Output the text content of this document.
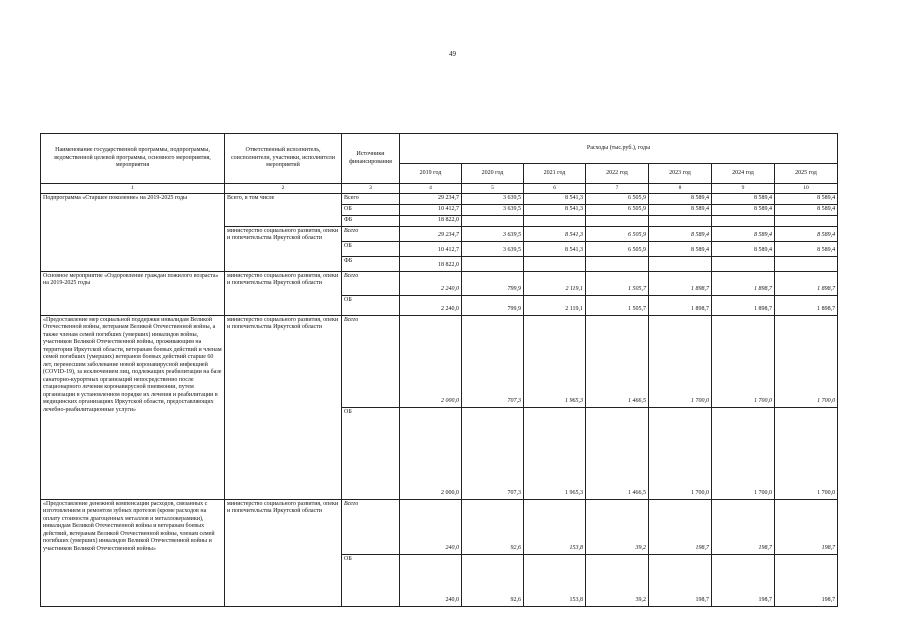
49
Наименование государственной программы, подпрограммы, ведомственной целевой программы, основного мероприятия, мероприятия	Ответственный исполнитель, соисполнители, участники, исполнители мероприятий	Источники финансирования	Расходы (тыс.руб.), годы						
			2019 год	2020 год	2021 год	2022 год	2023 год	2024 год	2025 год
1	2	3	4	5	6	7	8	9	10
Подпрограмма «Старшее поколение» на 2019-2025 годы	Всего, в том числе	Всего	29 234,7	3 639,5	8 541,3	6 505,9	8 589,4	8 589,4	8 589,4
		ОБ	10 412,7	3 639,5	8 541,3	6 505,9	8 589,4	8 589,4	8 589,4
		ФБ	18 822,0						
	министерство социального развития, опеки и попечительства Иркутской области	Всего	29 234,7	3 639,5	8 541,3	6 505,9	8 589,4	8 589,4	8 589,4
		ОБ	10 412,7	3 639,5	8 541,3	6 505,9	8 589,4	8 589,4	8 589,4
		ФБ	18 822,0						
Основное мероприятие «Оздоровление граждан пожилого возраста» на 2019-2025 годы	министерство социального развития, опеки и попечительства Иркутской области	Всего	2 240,0	799,9	2 119,1	1 505,7	1 898,7	1 898,7	1 898,7
		ОБ	2 240,0	799,9	2 119,1	1 505,7	1 898,7	1 898,7	1 898,7
«Предоставление мер социальной поддержки инвалидам Великой Отечественной войны, ветеранам Великой Отечественной войны, а также членам семей погибших (умерших) инвалидов войны, участников Великой Отечественной войны, проживающим на территории Иркутской области, ветеранам боевых действий и членам семей погибших (умерших) ветеранов боевых действий старше 60 лет, перенесшим заболевание новой коронавирусной инфекцией (COVID-19), за исключением лиц, подлежащих реабилитации на базе санаторно-курортных организаций непосредственно после стационарного лечения коронавирусной пневмонии, путем организации в установленном порядке их лечения и реабилитации в медицинских организациях Иркутской области, предоставляющих лечебно-реабилитационные услуги»	министерство социального развития, опеки и попечительства Иркутской области	Всего	2 000,0	707,3	1 965,3	1 466,5	1 700,0	1 700,0	1 700,0
		ОБ	2 000,0	707,3	1 965,3	1 466,5	1 700,0	1 700,0	1 700,0
«Предоставление денежной компенсации расходов, связанных с изготовлением и ремонтом зубных протезов (кроме расходов на оплату стоимости драгоценных металлов и металлокерамики), инвалидам Великой Отечественной войны и ветеранам боевых действий, ветеранам Великой Отечественной войны, членам семей погибших (умерших) инвалидов Великой Отечественной войны и участников Великой Отечественной войны»	министерство социального развития, опеки и попечительства Иркутской области	Всего	240,0	92,6	153,8	39,2	198,7	198,7	198,7
		ОБ	240,0	92,6	153,8	39,2	198,7	198,7	198,7
